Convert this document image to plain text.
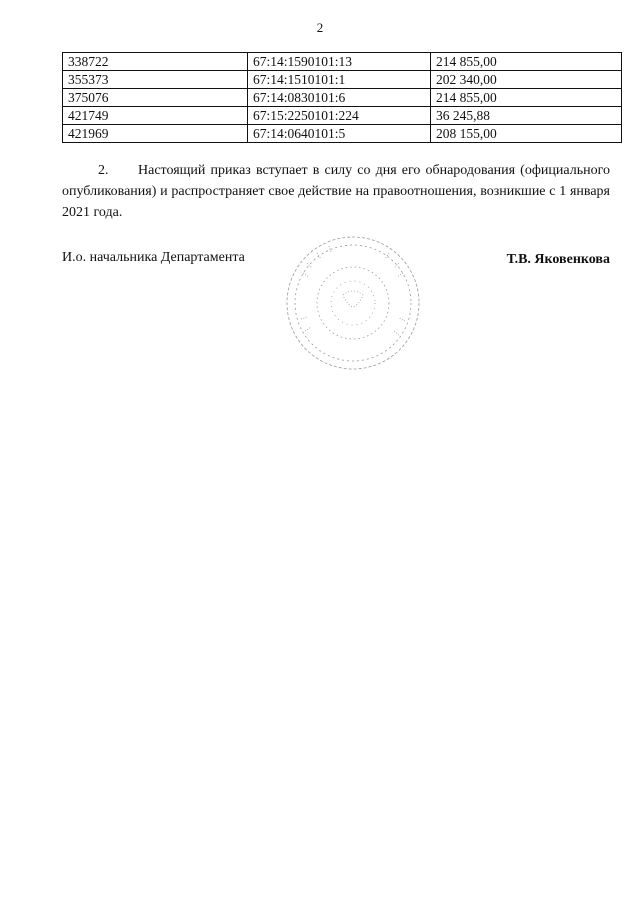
2
338722	67:14:1590101:13	214 855,00
355373	67:14:1510101:1	202 340,00
375076	67:14:0830101:6	214 855,00
421749	67:15:2250101:224	36 245,88
421969	67:14:0640101:5	208 155,00
2. Настоящий приказ вступает в силу со дня его обнародования (официального опубликования) и распространяет свое действие на правоотношения, возникшие с 1 января 2021 года.
И.о. начальника Департамента	Т.В. Яковенкова
